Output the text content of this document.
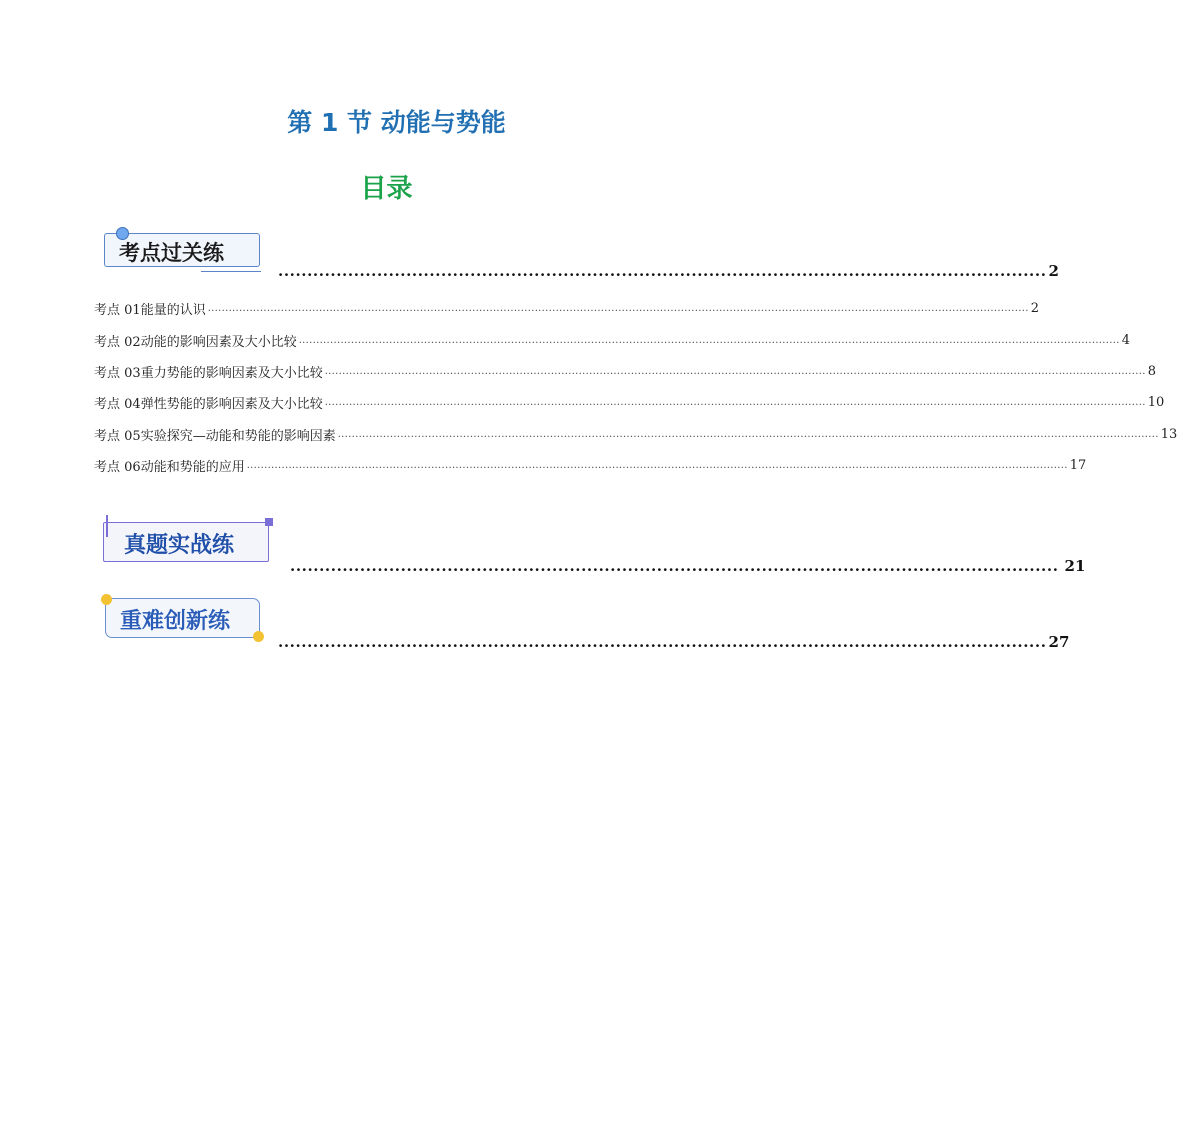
第 1 节 动能与势能
目录
考点过关练
.................................................................................................................................... 2
考点 01 能量的认识 ............................................................................................................................................................................................................................................ 2
考点 02 动能的影响因素及大小比较 ............................................................................................................................................................................................................................................ 4
考点 03 重力势能的影响因素及大小比较 ............................................................................................................................................................................................................................................ 8
考点 04 弹性势能的影响因素及大小比较 ............................................................................................................................................................................................................................................ 10
考点 05 实验探究—动能和势能的影响因素 ............................................................................................................................................................................................................................................ 13
考点 06 动能和势能的应用 ............................................................................................................................................................................................................................................ 17
真题实战练
.................................................................................................................................... 21
重难创新练
.................................................................................................................................... 27
